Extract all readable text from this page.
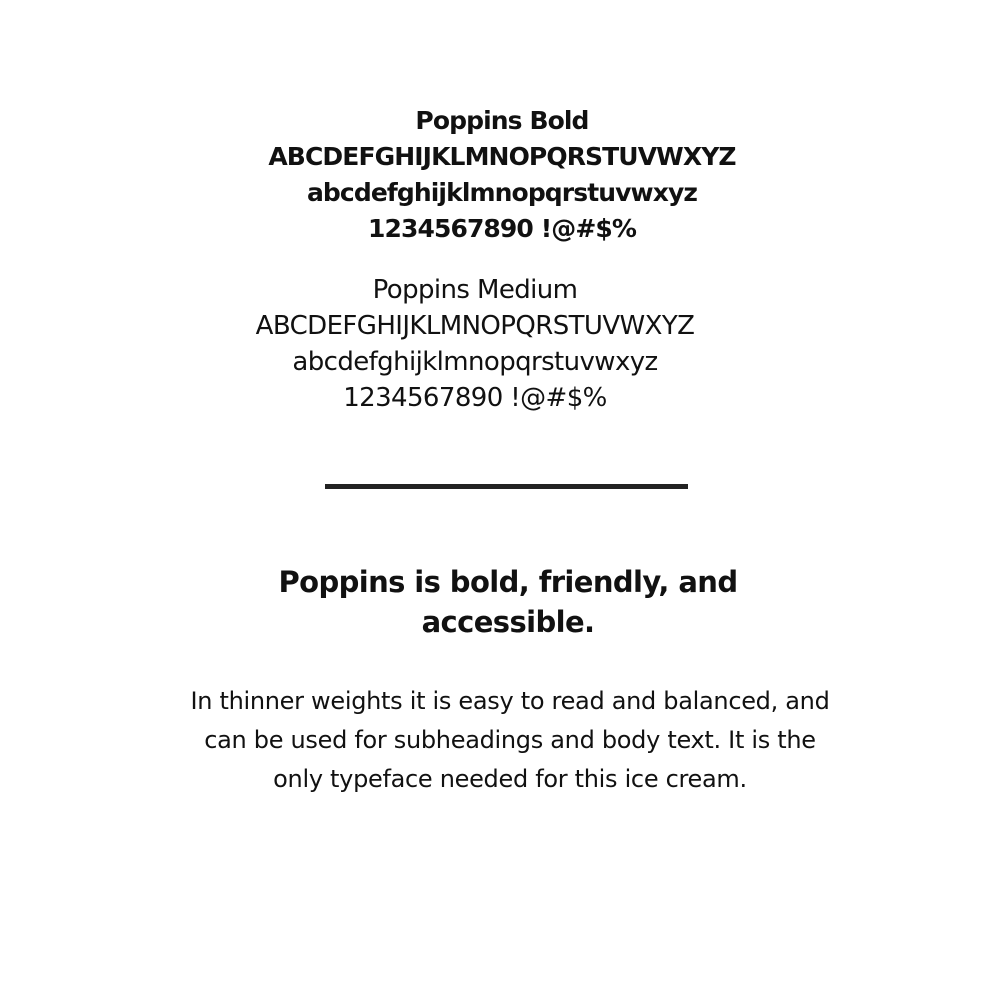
Poppins Bold
ABCDEFGHIJKLMNOPQRSTUVWXYZ
abcdefghijklmnopqrstuvwxyz
1234567890 !@#$%
Poppins Medium
ABCDEFGHIJKLMNOPQRSTUVWXYZ
abcdefghijklmnopqrstuvwxyz
1234567890 !@#$%
Poppins is bold, friendly, and accessible.

In thinner weights it is easy to read and balanced, and can be used for subheadings and body text. It is the only typeface needed for this ice cream.
